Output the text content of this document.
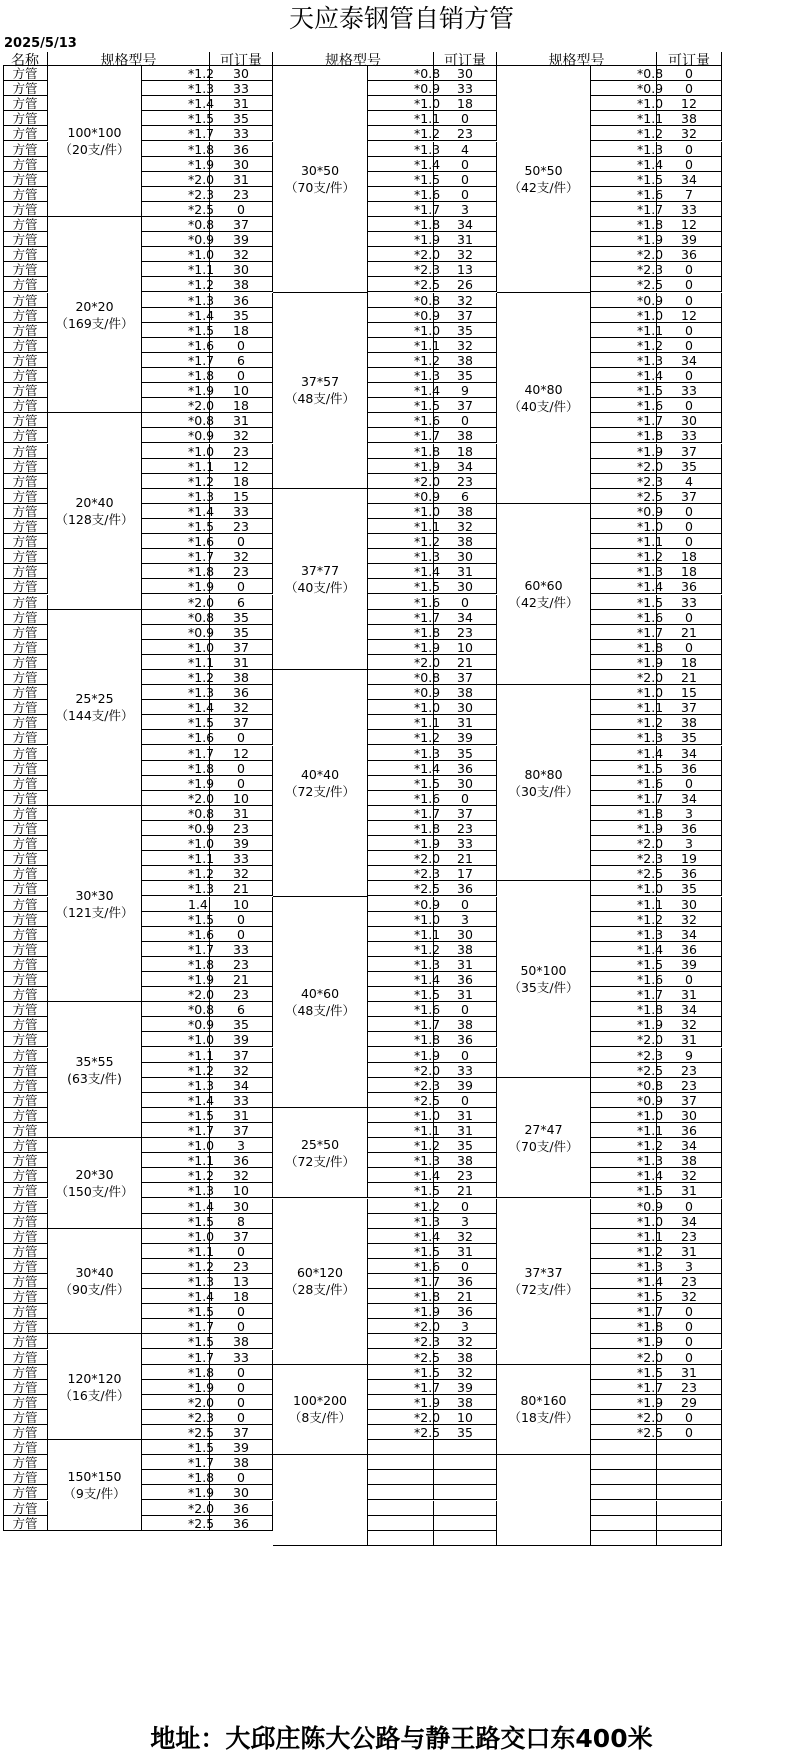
天应泰钢管自销方管
2025/5/13
名称	规格型号	可订量
100*100
（20支/件）
方管	*1.2	30
方管	*1.3	33
方管	*1.4	31
方管	*1.5	35
方管	*1.7	33
方管	*1.8	36
方管	*1.9	30
方管	*2.0	31
方管	*2.3	23
方管	*2.5	0
20*20
（169支/件）
方管	*0.8	37
方管	*0.9	39
方管	*1.0	32
方管	*1.1	30
方管	*1.2	38
方管	*1.3	36
方管	*1.4	35
方管	*1.5	18
方管	*1.6	0
方管	*1.7	6
方管	*1.8	0
方管	*1.9	10
方管	*2.0	18
20*40
（128支/件）
方管	*0.8	31
方管	*0.9	32
方管	*1.0	23
方管	*1.1	12
方管	*1.2	18
方管	*1.3	15
方管	*1.4	33
方管	*1.5	23
方管	*1.6	0
方管	*1.7	32
方管	*1.8	23
方管	*1.9	0
方管	*2.0	6
25*25
（144支/件）
方管	*0.8	35
方管	*0.9	35
方管	*1.0	37
方管	*1.1	31
方管	*1.2	38
方管	*1.3	36
方管	*1.4	32
方管	*1.5	37
方管	*1.6	0
方管	*1.7	12
方管	*1.8	0
方管	*1.9	0
方管	*2.0	10
30*30
（121支/件）
方管	*0.8	31
方管	*0.9	23
方管	*1.0	39
方管	*1.1	33
方管	*1.2	32
方管	*1.3	21
方管	1.4	10
方管	*1.5	0
方管	*1.6	0
方管	*1.7	33
方管	*1.8	23
方管	*1.9	21
方管	*2.0	23
35*55
(63支/件)
方管	*0.8	6
方管	*0.9	35
方管	*1.0	39
方管	*1.1	37
方管	*1.2	32
方管	*1.3	34
方管	*1.4	33
方管	*1.5	31
方管	*1.7	37
20*30
（150支/件）
方管	*1.0	3
方管	*1.1	36
方管	*1.2	32
方管	*1.3	10
方管	*1.4	30
方管	*1.5	8
30*40
（90支/件）
方管	*1.0	37
方管	*1.1	0
方管	*1.2	23
方管	*1.3	13
方管	*1.4	18
方管	*1.5	0
方管	*1.7	0
120*120
（16支/件）
方管	*1.5	38
方管	*1.7	33
方管	*1.8	0
方管	*1.9	0
方管	*2.0	0
方管	*2.3	0
方管	*2.5	37
150*150
（9支/件）
方管	*1.5	39
方管	*1.7	38
方管	*1.8	0
方管	*1.9	30
方管	*2.0	36
方管	*2.5	36
规格型号	可订量
30*50
（70支/件）
*0.8	30
*0.9	33
*1.0	18
*1.1	0
*1.2	23
*1.3	4
*1.4	0
*1.5	0
*1.6	0
*1.7	3
*1.8	34
*1.9	31
*2.0	32
*2.3	13
*2.5	26
37*57
（48支/件）
*0.8	32
*0.9	37
*1.0	35
*1.1	32
*1.2	38
*1.3	35
*1.4	9
*1.5	37
*1.6	0
*1.7	38
*1.8	18
*1.9	34
*2.0	23
37*77
（40支/件）
*0.9	6
*1.0	38
*1.1	32
*1.2	38
*1.3	30
*1.4	31
*1.5	30
*1.6	0
*1.7	34
*1.8	23
*1.9	10
*2.0	21
40*40
（72支/件）
*0.8	37
*0.9	38
*1.0	30
*1.1	31
*1.2	39
*1.3	35
*1.4	36
*1.5	30
*1.6	0
*1.7	37
*1.8	23
*1.9	33
*2.0	21
*2.3	17
*2.5	36
40*60
（48支/件）
*0.9	0
*1.0	3
*1.1	30
*1.2	38
*1.3	31
*1.4	36
*1.5	31
*1.6	0
*1.7	38
*1.8	36
*1.9	0
*2.0	33
*2.3	39
*2.5	0
25*50
（72支/件）
*1.0	31
*1.1	31
*1.2	35
*1.3	38
*1.4	23
*1.5	21
60*120
（28支/件）
*1.2	0
*1.3	3
*1.4	32
*1.5	31
*1.6	0
*1.7	36
*1.8	21
*1.9	36
*2.0	3
*2.3	32
*2.5	38
100*200
（8支/件）
*1.5	32
*1.7	39
*1.9	38
*2.0	10
*2.5	35
规格型号	可订量
50*50
（42支/件）
*0.8	0
*0.9	0
*1.0	12
*1.1	38
*1.2	32
*1.3	0
*1.4	0
*1.5	34
*1.6	7
*1.7	33
*1.8	12
*1.9	39
*2.0	36
*2.3	0
*2.5	0
40*80
（40支/件）
*0.9	0
*1.0	12
*1.1	0
*1.2	0
*1.3	34
*1.4	0
*1.5	33
*1.6	0
*1.7	30
*1.8	33
*1.9	37
*2.0	35
*2.3	4
*2.5	37
60*60
（42支/件）
*0.9	0
*1.0	0
*1.1	0
*1.2	18
*1.3	18
*1.4	36
*1.5	33
*1.6	0
*1.7	21
*1.8	0
*1.9	18
*2.0	21
80*80
（30支/件）
*1.0	15
*1.1	37
*1.2	38
*1.3	35
*1.4	34
*1.5	36
*1.6	0
*1.7	34
*1.8	3
*1.9	36
*2.0	3
*2.3	19
*2.5	36
50*100
（35支/件）
*1.0	35
*1.1	30
*1.2	32
*1.3	34
*1.4	36
*1.5	39
*1.6	0
*1.7	31
*1.8	34
*1.9	32
*2.0	31
*2.3	9
*2.5	23
27*47
（70支/件）
*0.8	23
*0.9	37
*1.0	30
*1.1	36
*1.2	34
*1.3	38
*1.4	32
*1.5	31
37*37
（72支/件）
*0.9	0
*1.0	34
*1.1	23
*1.2	31
*1.3	3
*1.4	23
*1.5	32
*1.7	0
*1.8	0
*1.9	0
*2.0	0
80*160
（18支/件）
*1.5	31
*1.7	23
*1.9	29
*2.0	0
*2.5	0
地址：大邱庄陈大公路与静王路交口东400米
